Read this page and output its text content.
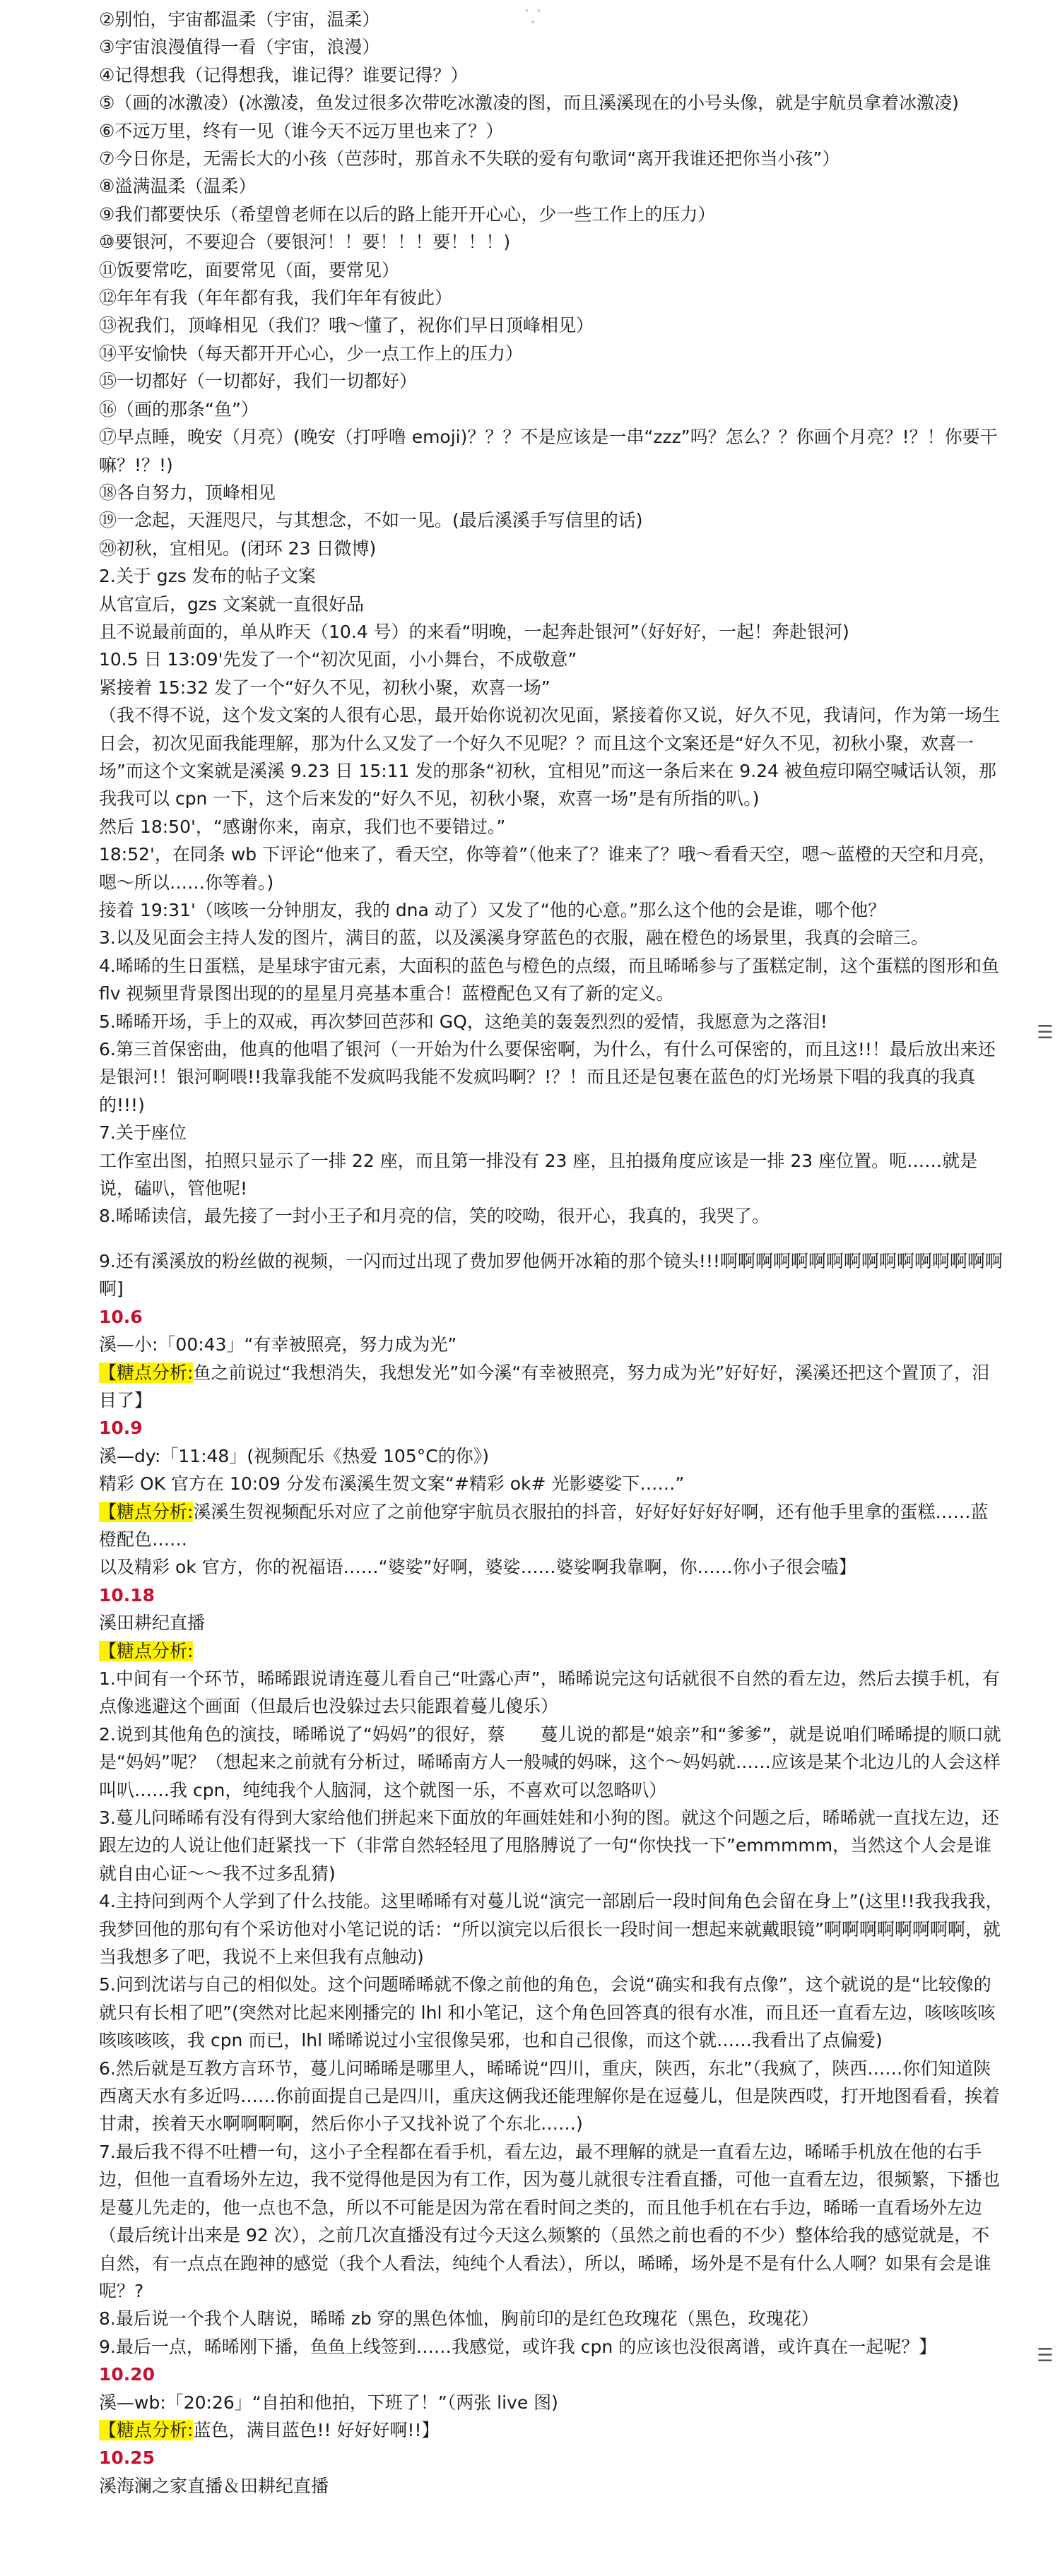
• • •
②别怕，宇宙都温柔（宇宙，温柔）
③宇宙浪漫值得一看（宇宙，浪漫）
④记得想我（记得想我，谁记得？谁要记得？）
⑤（画的冰激凌）(冰激凌，鱼发过很多次带吃冰激凌的图，而且溪溪现在的小号头像，就是宇航员拿着冰激凌)
⑥不远万里，终有一见（谁今天不远万里也来了？）
⑦今日你是，无需长大的小孩（芭莎时，那首永不失联的爱有句歌词“离开我谁还把你当小孩”）
⑧溢满温柔（温柔）
⑨我们都要快乐（希望曾老师在以后的路上能开开心心，少一些工作上的压力）
⑩要银河，不要迎合（要银河！！要！！！要！！！)
⑪饭要常吃，面要常见（面，要常见）
⑫年年有我（年年都有我，我们年年有彼此）
⑬祝我们，顶峰相见（我们？哦～懂了，祝你们早日顶峰相见）
⑭平安愉快（每天都开开心心，少一点工作上的压力）
⑮一切都好（一切都好，我们一切都好）
⑯（画的那条“鱼”）
⑰早点睡，晚安（月亮）(晚安（打呼噜 emoji)？？？不是应该是一串“zzz”吗？怎么？？你画个月亮？!？！你要干嘛？!？!)
⑱各自努力，顶峰相见
⑲一念起，天涯咫尺，与其想念，不如一见。(最后溪溪手写信里的话)
⑳初秋，宜相见。(闭环 23 日微博)
2.关于 gzs 发布的帖子文案
从官宣后，gzs 文案就一直很好品
且不说最前面的，单从昨天（10.4 号）的来看“明晚，一起奔赴银河”（好好好，一起！奔赴银河)
10.5 日 13:09'先发了一个“初次见面，小小舞台，不成敬意”
紧接着 15:32 发了一个“好久不见，初秋小聚，欢喜一场”
（我不得不说，这个发文案的人很有心思，最开始你说初次见面，紧接着你又说，好久不见，我请问，作为第一场生日会，初次见面我能理解，那为什么又发了一个好久不见呢？？而且这个文案还是“好久不见，初秋小聚，欢喜一场”而这个文案就是溪溪 9.23 日 15:11 发的那条“初秋，宜相见”而这一条后来在 9.24 被鱼痘印隔空喊话认领，那我我可以 cpn 一下，这个后来发的“好久不见，初秋小聚，欢喜一场”是有所指的叭。)
然后 18:50'，“感谢你来，南京，我们也不要错过。”
18:52'，在同条 wb 下评论“他来了，看天空，你等着”（他来了？谁来了？哦～看看天空，嗯～蓝橙的天空和月亮，嗯～所以……你等着。)
接着 19:31'（咳咳一分钟朋友，我的 dna 动了）又发了“他的心意。”那么这个他的会是谁，哪个他？
3.以及见面会主持人发的图片，满目的蓝，以及溪溪身穿蓝色的衣服，融在橙色的场景里，我真的会暗三。
4.晞晞的生日蛋糕，是星球宇宙元素，大面积的蓝色与橙色的点缀，而且晞晞参与了蛋糕定制，这个蛋糕的图形和鱼 flv 视频里背景图出现的的星星月亮基本重合！蓝橙配色又有了新的定义。
5.晞晞开场，手上的双戒，再次梦回芭莎和 GQ，这绝美的轰轰烈烈的爱情，我愿意为之落泪!
6.第三首保密曲，他真的他唱了银河（一开始为什么要保密啊，为什么，有什么可保密的，而且这!!！最后放出来还是银河!！银河啊喂!!我靠我能不发疯吗我能不发疯吗啊？!？！而且还是包裹在蓝色的灯光场景下唱的我真的我真的!!!)
7.关于座位
工作室出图，拍照只显示了一排 22 座，而且第一排没有 23 座，且拍摄角度应该是一排 23 座位置。呃……就是说，磕叭，管他呢!
8.晞晞读信，最先接了一封小王子和月亮的信，笑的咬呦，很开心，我真的，我哭了。
9.还有溪溪放的粉丝做的视频，一闪而过出现了费加罗他俩开冰箱的那个镜头!!!啊啊啊啊啊啊啊啊啊啊啊啊啊啊啊啊啊]
10.6
溪—小:「00:43」“有幸被照亮，努力成为光”
【糖点分析:鱼之前说过“我想消失，我想发光”如今溪“有幸被照亮，努力成为光”好好好，溪溪还把这个置顶了，泪目了】
10.9
溪—dy:「11:48」(视频配乐《热爱 105°C的你》)
精彩 OK 官方在 10:09 分发布溪溪生贺文案“#精彩 ok# 光影婆娑下……”
【糖点分析:溪溪生贺视频配乐对应了之前他穿宇航员衣服拍的抖音，好好好好好好啊，还有他手里拿的蛋糕……蓝橙配色……
以及精彩 ok 官方，你的祝福语……“婆娑”好啊，婆娑……婆娑啊我靠啊，你……你小子很会嗑】
10.18
溪田耕纪直播
【糖点分析:
1.中间有一个环节，晞晞跟说请连蔓儿看自己“吐露心声”，晞晞说完这句话就很不自然的看左边，然后去摸手机，有点像逃避这个画面（但最后也没躲过去只能跟着蔓儿傻乐）
2.说到其他角色的演技，晞晞说了“妈妈”的很好，蔡　　蔓儿说的都是“娘亲”和“爹爹”，就是说咱们晞晞提的顺口就是“妈妈”呢？（想起来之前就有分析过，晞晞南方人一般喊的妈咪，这个～妈妈就……应该是某个北边儿的人会这样叫叭……我 cpn，纯纯我个人脑洞，这个就图一乐，不喜欢可以忽略叭）
3.蔓儿问晞晞有没有得到大家给他们拼起来下面放的年画娃娃和小狗的图。就这个问题之后，晞晞就一直找左边，还跟左边的人说让他们赶紧找一下（非常自然轻轻甩了甩胳膊说了一句“你快找一下”emmmmm，当然这个人会是谁就自由心证～～我不过多乱猜)
4.主持问到两个人学到了什么技能。这里晞晞有对蔓儿说“演完一部剧后一段时间角色会留在身上”(这里!!我我我我，我梦回他的那句有个采访他对小笔记说的话：“所以演完以后很长一段时间一想起来就戴眼镜”啊啊啊啊啊啊啊啊，就当我想多了吧，我说不上来但我有点触动)
5.问到沈诺与自己的相似处。这个问题晞晞就不像之前他的角色，会说“确实和我有点像”，这个就说的是“比较像的就只有长相了吧”(突然对比起来刚播完的 lhl 和小笔记，这个角色回答真的很有水准，而且还一直看左边，咳咳咳咳咳咳咳咳，我 cpn 而已，lhl 晞晞说过小宝很像吴邪，也和自己很像，而这个就……我看出了点偏爱)
6.然后就是互教方言环节，蔓儿问晞晞是哪里人，晞晞说“四川，重庆，陕西，东北”（我疯了，陕西……你们知道陕西离天水有多近吗……你前面提自己是四川，重庆这俩我还能理解你是在逗蔓儿，但是陕西哎，打开地图看看，挨着甘肃，挨着天水啊啊啊啊，然后你小子又找补说了个东北……)
7.最后我不得不吐槽一句，这小子全程都在看手机，看左边，最不理解的就是一直看左边，晞晞手机放在他的右手边，但他一直看场外左边，我不觉得他是因为有工作，因为蔓儿就很专注看直播，可他一直看左边，很频繁，下播也是蔓儿先走的，他一点也不急，所以不可能是因为常在看时间之类的，而且他手机在右手边，晞晞一直看场外左边（最后统计出来是 92 次），之前几次直播没有过今天这么频繁的（虽然之前也看的不少）整体给我的感觉就是，不自然，有一点点在跑神的感觉（我个人看法，纯纯个人看法），所以，晞晞，场外是不是有什么人啊？如果有会是谁呢？?
8.最后说一个我个人瞎说，晞晞 zb 穿的黑色体恤，胸前印的是红色玫瑰花（黑色，玫瑰花）
9.最后一点，晞晞刚下播，鱼鱼上线签到……我感觉，或许我 cpn 的应该也没很离谱，或许真在一起呢？】
10.20
溪—wb:「20:26」“自拍和他拍，下班了！”（两张 live 图)
【糖点分析:蓝色，满目蓝色!! 好好好啊!!】
10.25
溪海澜之家直播＆田耕纪直播
☰
☰
